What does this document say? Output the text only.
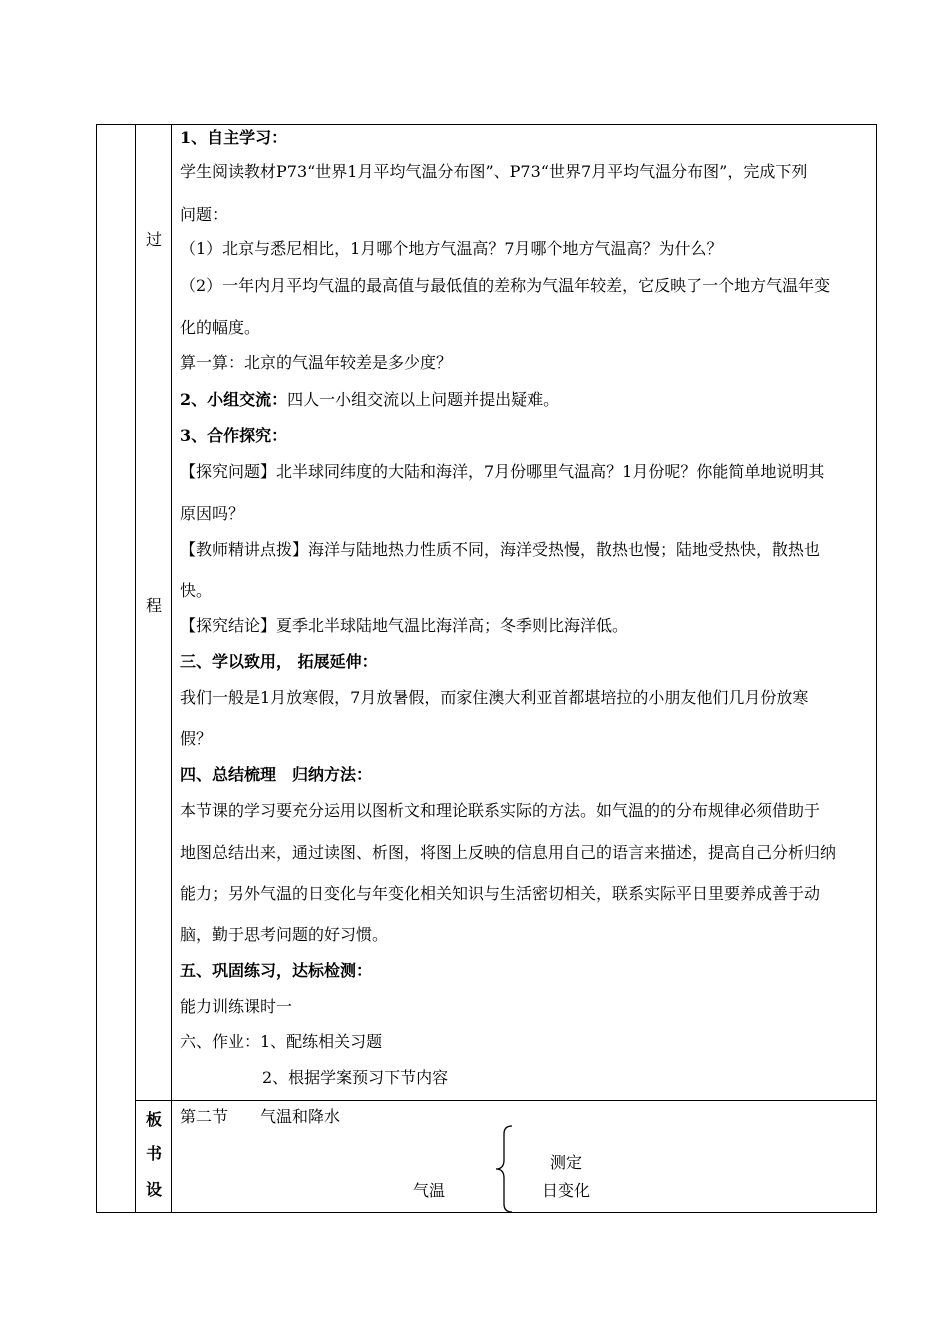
过
程
板
书
设
1、自主学习：
学生阅读教材P73“世界1月平均气温分布图”、P73“世界7月平均气温分布图”，完成下列
问题：
（1）北京与悉尼相比，1月哪个地方气温高？7月哪个地方气温高？为什么？
（2）一年内月平均气温的最高值与最低值的差称为气温年较差，它反映了一个地方气温年变
化的幅度。
算一算：北京的气温年较差是多少度？
2、小组交流：四人一小组交流以上问题并提出疑难。
3、合作探究：
【探究问题】北半球同纬度的大陆和海洋，7月份哪里气温高？1月份呢？你能简单地说明其
原因吗？
【教师精讲点拨】海洋与陆地热力性质不同，海洋受热慢，散热也慢；陆地受热快，散热也
快。
【探究结论】夏季北半球陆地气温比海洋高；冬季则比海洋低。
三、学以致用， 拓展延伸：
我们一般是1月放寒假，7月放暑假，而家住澳大利亚首都堪培拉的小朋友他们几月份放寒
假？
四、总结梳理　归纳方法：
本节课的学习要充分运用以图析文和理论联系实际的方法。如气温的的分布规律必须借助于
地图总结出来，通过读图、析图，将图上反映的信息用自己的语言来描述，提高自己分析归纳
能力；另外气温的日变化与年变化相关知识与生活密切相关，联系实际平日里要养成善于动
脑，勤于思考问题的好习惯。
五、巩固练习，达标检测：
能力训练课时一
六、作业：1、配练相关习题
2、根据学案预习下节内容
第二节　　气温和降水
气温
测定
日变化
